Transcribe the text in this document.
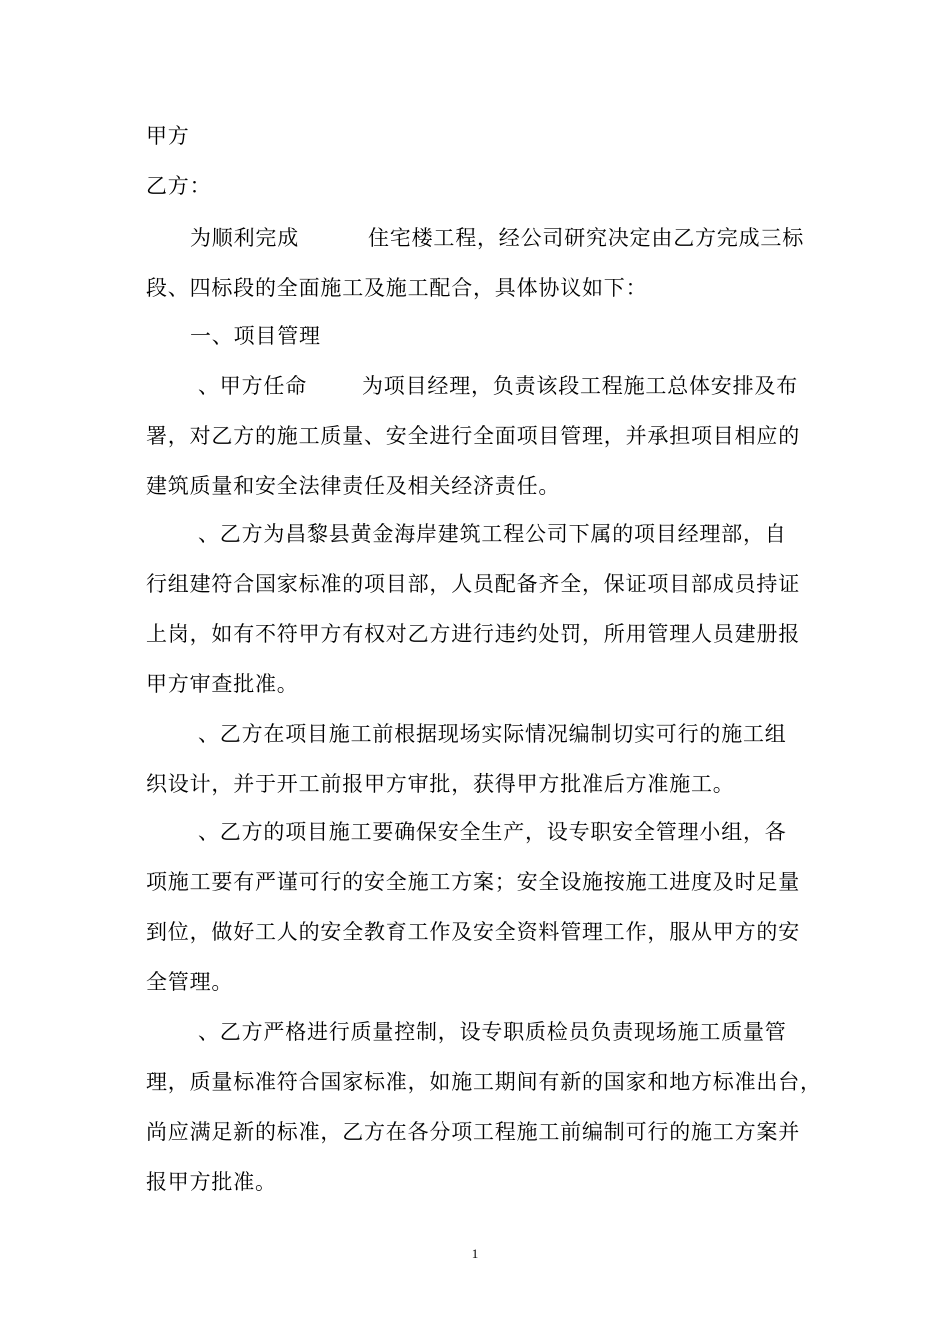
甲方
乙方：
为顺利完成	住宅楼工程，经公司研究决定由乙方完成三标
段、四标段的全面施工及施工配合，具体协议如下：
一、项目管理
、甲方任命	为项目经理，负责该段工程施工总体安排及布
署，对乙方的施工质量、安全进行全面项目管理，并承担项目相应的
建筑质量和安全法律责任及相关经济责任。
、乙方为昌黎县黄金海岸建筑工程公司下属的项目经理部，自
行组建符合国家标准的项目部，人员配备齐全，保证项目部成员持证
上岗，如有不符甲方有权对乙方进行违约处罚，所用管理人员建册报
甲方审查批准。
、乙方在项目施工前根据现场实际情况编制切实可行的施工组
织设计，并于开工前报甲方审批，获得甲方批准后方准施工。
、乙方的项目施工要确保安全生产，设专职安全管理小组，各
项施工要有严谨可行的安全施工方案；安全设施按施工进度及时足量
到位，做好工人的安全教育工作及安全资料管理工作，服从甲方的安
全管理。
、乙方严格进行质量控制，设专职质检员负责现场施工质量管
理，质量标准符合国家标准，如施工期间有新的国家和地方标准出台，
尚应满足新的标准，乙方在各分项工程施工前编制可行的施工方案并
报甲方批准。
1
